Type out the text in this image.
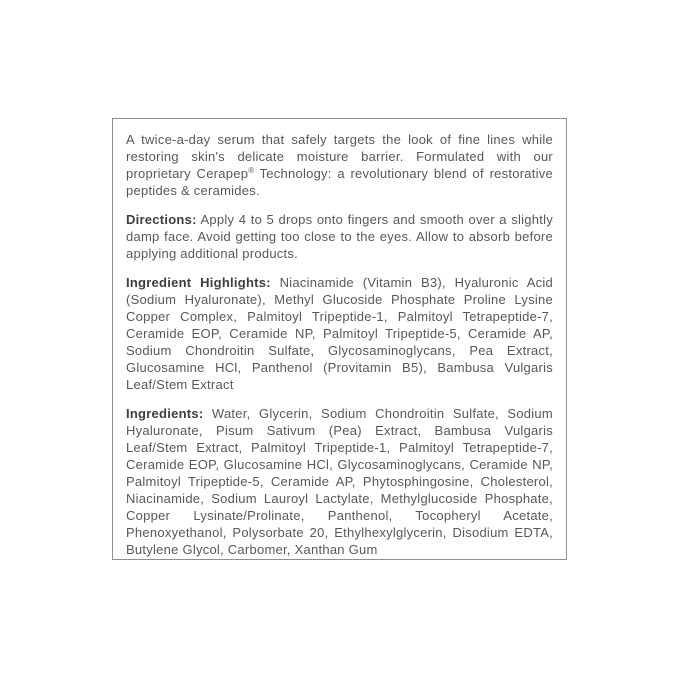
A twice-a-day serum that safely targets the look of fine lines while restoring skin's delicate moisture barrier. Formulated with our proprietary Cerapep® Technology: a revolutionary blend of restorative peptides & ceramides.

Directions: Apply 4 to 5 drops onto fingers and smooth over a slightly damp face. Avoid getting too close to the eyes. Allow to absorb before applying additional products.

Ingredient Highlights: Niacinamide (Vitamin B3), Hyaluronic Acid (Sodium Hyaluronate), Methyl Glucoside Phosphate Proline Lysine Copper Complex, Palmitoyl Tripeptide-1, Palmitoyl Tetrapeptide-7, Ceramide EOP, Ceramide NP, Palmitoyl Tripeptide-5, Ceramide AP, Sodium Chondroitin Sulfate, Glycosaminoglycans, Pea Extract, Glucosamine HCl, Panthenol (Provitamin B5), Bambusa Vulgaris Leaf/Stem Extract

Ingredients: Water, Glycerin, Sodium Chondroitin Sulfate, Sodium Hyaluronate, Pisum Sativum (Pea) Extract, Bambusa Vulgaris Leaf/Stem Extract, Palmitoyl Tripeptide-1, Palmitoyl Tetrapeptide-7, Ceramide EOP, Glucosamine HCl, Glycosaminoglycans, Ceramide NP, Palmitoyl Tripeptide-5, Ceramide AP, Phytosphingosine, Cholesterol, Niacinamide, Sodium Lauroyl Lactylate, Methylglucoside Phosphate, Copper Lysinate/Prolinate, Panthenol, Tocopheryl Acetate, Phenoxyethanol, Polysorbate 20, Ethylhexylglycerin, Disodium EDTA, Butylene Glycol, Carbomer, Xanthan Gum
